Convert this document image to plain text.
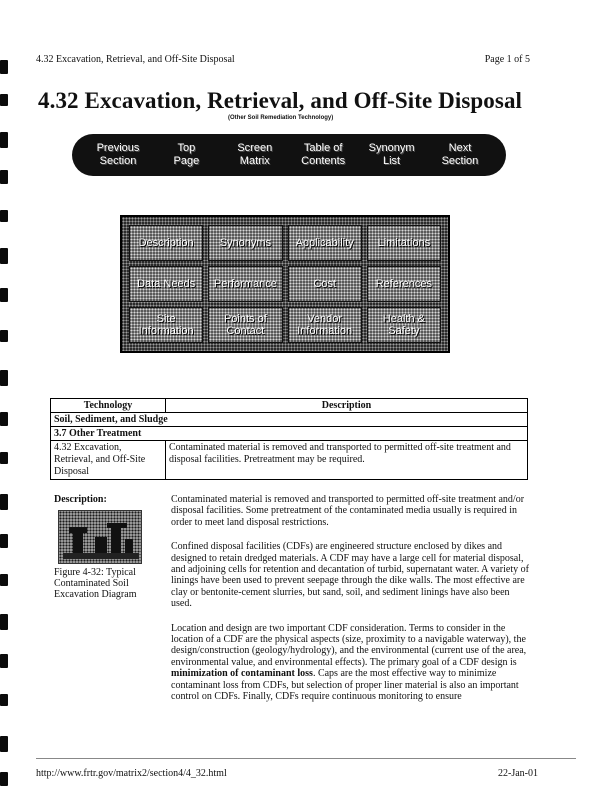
4.32 Excavation, Retrieval, and Off-Site Disposal	Page 1 of 5
4.32 Excavation, Retrieval, and Off-Site Disposal
(Other Soil Remediation Technology)
Previous
Section
Top
Page
Screen
Matrix
Table of
Contents
Synonym
List
Next
Section
Description Synonyms Applicability Limitations
Data Needs Performance	Cost	References
Site
Information
Points of
Contact
Vendor
Information
Health &
Safety
Technology	Description
Soil, Sediment, and Sludge	
3.7 Other Treatment	
4.32 Excavation, Retrieval, and Off-Site Disposal	Contaminated material is removed and transported to permitted off-site treatment and disposal facilities. Pretreatment may be required.
Description:
Figure 4-32: Typical Contaminated Soil Excavation Diagram

Contaminated material is removed and transported to permitted off-site treatment and/or disposal facilities. Some pretreatment of the contaminated media usually is required in order to meet land disposal restrictions.

Confined disposal facilities (CDFs) are engineered structure enclosed by dikes and designed to retain dredged materials. A CDF may have a large cell for material disposal, and adjoining cells for retention and decantation of turbid, supernatant water. A variety of linings have been used to prevent seepage through the dike walls. The most effective are clay or bentonite-cement slurries, but sand, soil, and sediment linings have also been used.

Location and design are two important CDF consideration. Terms to consider in the location of a CDF are the physical aspects (size, proximity to a navigable waterway), the design/construction (geology/hydrology), and the environmental (current use of the area, environmental value, and environmental effects). The primary goal of a CDF design is minimization of contaminant loss. Caps are the most effective way to minimize contaminant loss from CDFs, but selection of proper liner material is also an important control on CDFs. Finally, CDFs require continuous monitoring to ensure

http://www.frtr.gov/matrix2/section4/4_32.html	22-Jan-01
